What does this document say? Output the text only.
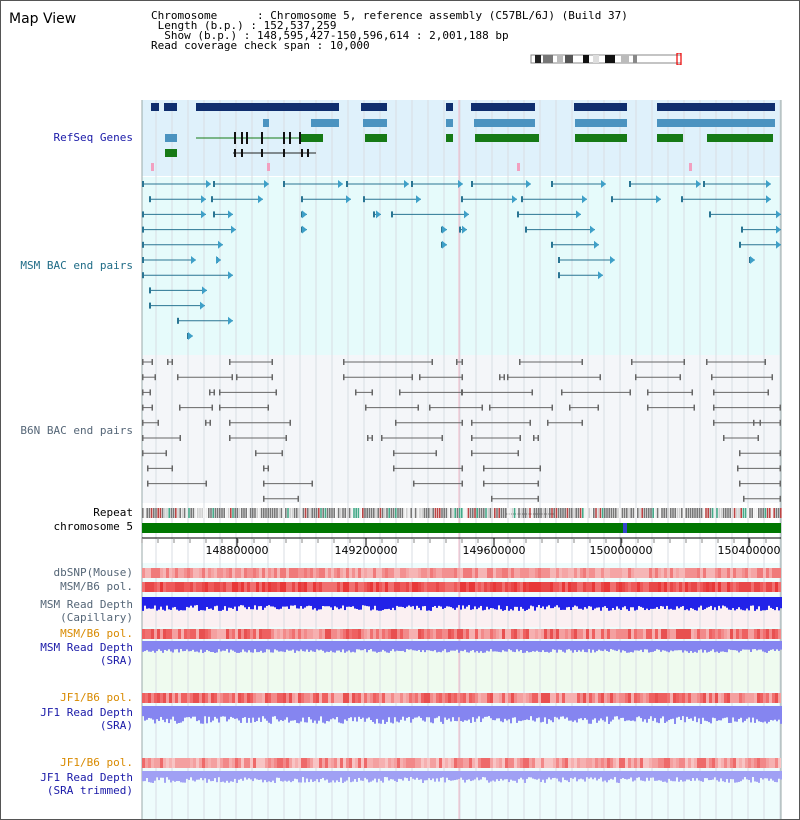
Map View	Chromosome      : Chromosome 5, reference assembly (C57BL/6J) (Build 37)
Length (b.p.) : 152,537,259
Show (b.p.) : 148,595,427-150,596,614 : 2,001,188 bp
Read coverage check span : 10,000
RefSeq Genes
MSM BAC end pairs
B6N BAC end pairs
Repeat
chromosome 5
dbSNP(Mouse)
MSM/B6 pol.
MSM Read Depth
(Capillary)
MSM/B6 pol.
MSM Read Depth
(SRA)
JF1/B6 pol.
JF1 Read Depth
(SRA)
JF1/B6 pol.
JF1 Read Depth
(SRA trimmed)
148800000	149200000	149600000	150000000	150400000
